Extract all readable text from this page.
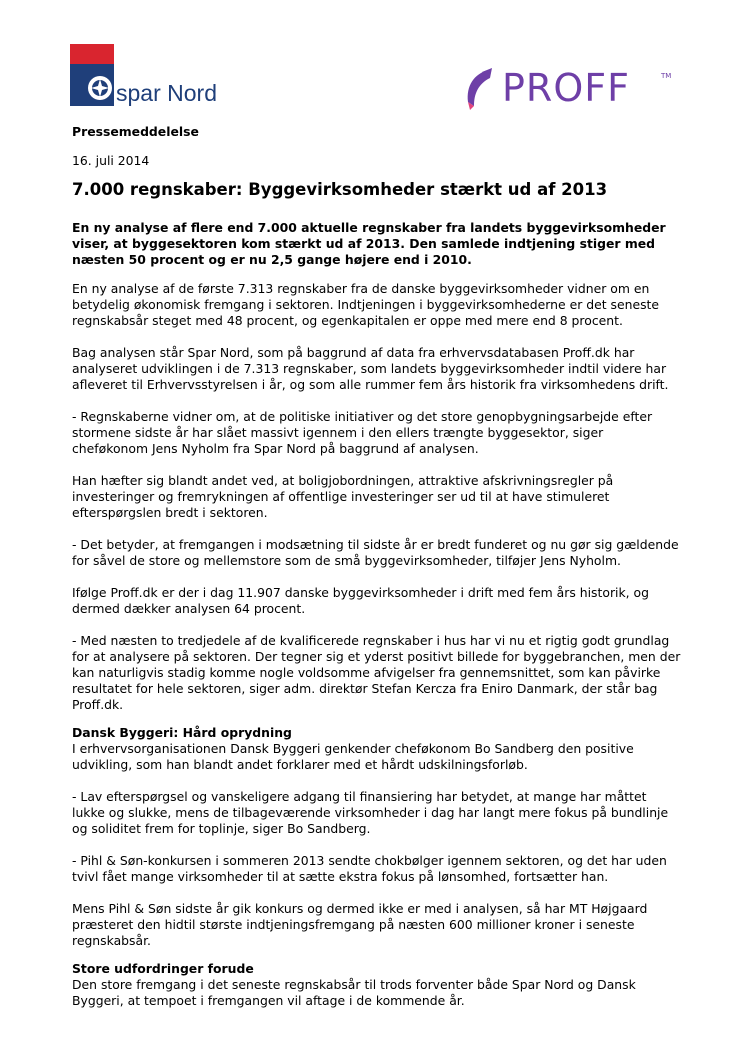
spar Nord	PROFF	TM
Pressemeddelelse
16. juli 2014
7.000 regnskaber: Byggevirksomheder stærkt ud af 2013
En ny analyse af flere end 7.000 aktuelle regnskaber fra landets byggevirksomheder viser, at byggesektoren kom stærkt ud af 2013. Den samlede indtjening stiger med næsten 50 procent og er nu 2,5 gange højere end i 2010.

En ny analyse af de første 7.313 regnskaber fra de danske byggevirksomheder vidner om en betydelig økonomisk fremgang i sektoren. Indtjeningen i byggevirksomhederne er det seneste regnskabsår steget med 48 procent, og egenkapitalen er oppe med mere end 8 procent.

Bag analysen står Spar Nord, som på baggrund af data fra erhvervsdatabasen Proff.dk har analyseret udviklingen i de 7.313 regnskaber, som landets byggevirksomheder indtil videre har afleveret til Erhvervsstyrelsen i år, og som alle rummer fem års historik fra virksomhedens drift.

- Regnskaberne vidner om, at de politiske initiativer og det store genopbygningsarbejde efter stormene sidste år har slået massivt igennem i den ellers trængte byggesektor, siger cheføkonom Jens Nyholm fra Spar Nord på baggrund af analysen.

Han hæfter sig blandt andet ved, at boligjobordningen, attraktive afskrivningsregler på investeringer og fremrykningen af offentlige investeringer ser ud til at have stimuleret efterspørgslen bredt i sektoren.

- Det betyder, at fremgangen i modsætning til sidste år er bredt funderet og nu gør sig gældende for såvel de store og mellemstore som de små byggevirksomheder, tilføjer Jens Nyholm.

Ifølge Proff.dk er der i dag 11.907 danske byggevirksomheder i drift med fem års historik, og dermed dækker analysen 64 procent.

- Med næsten to tredjedele af de kvalificerede regnskaber i hus har vi nu et rigtig godt grundlag for at analysere på sektoren. Der tegner sig et yderst positivt billede for byggebranchen, men der kan naturligvis stadig komme nogle voldsomme afvigelser fra gennemsnittet, som kan påvirke resultatet for hele sektoren, siger adm. direktør Stefan Kercza fra Eniro Danmark, der står bag Proff.dk.

Dansk Byggeri: Hård oprydning

I erhvervsorganisationen Dansk Byggeri genkender cheføkonom Bo Sandberg den positive udvikling, som han blandt andet forklarer med et hårdt udskilningsforløb.

- Lav efterspørgsel og vanskeligere adgang til finansiering har betydet, at mange har måttet lukke og slukke, mens de tilbageværende virksomheder i dag har langt mere fokus på bundlinje og soliditet frem for toplinje, siger Bo Sandberg.

- Pihl & Søn-konkursen i sommeren 2013 sendte chokbølger igennem sektoren, og det har uden tvivl fået mange virksomheder til at sætte ekstra fokus på lønsomhed, fortsætter han.

Mens Pihl & Søn sidste år gik konkurs og dermed ikke er med i analysen, så har MT Højgaard præsteret den hidtil største indtjeningsfremgang på næsten 600 millioner kroner i seneste regnskabsår.

Store udfordringer forude

Den store fremgang i det seneste regnskabsår til trods forventer både Spar Nord og Dansk Byggeri, at tempoet i fremgangen vil aftage i de kommende år.
